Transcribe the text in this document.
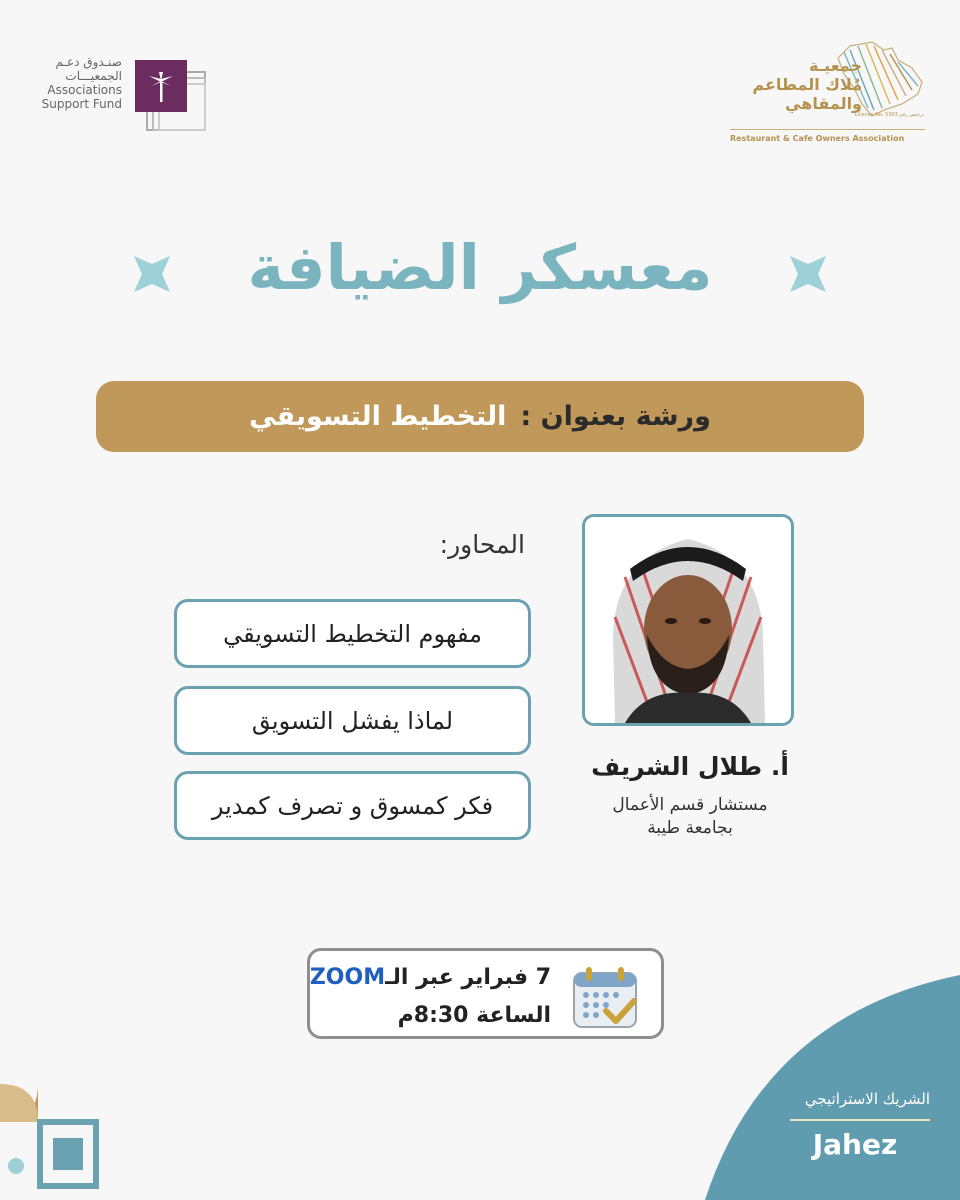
صنـدوق دعـم
الجمعيـــات
Associations
Support Fund
جمعيـة
مُلاك المطاعم
والمقاهي
License No. 5303 ترخيص رقم
Restaurant & Cafe Owners Association
معسكر الضيافة
ورشة بعنوان :
التخطيط التسويقي
أ. طلال الشريف
مستشار قسم الأعمال
بجامعة طيبة
المحاور:
مفهوم التخطيط التسويقي
لماذا يفشل التسويق
فكر كمسوق و تصرف كمدير
7 فبراير عبر الـZOOM
الساعة 8:30م
الشريك الاستراتيجي
Jahez
